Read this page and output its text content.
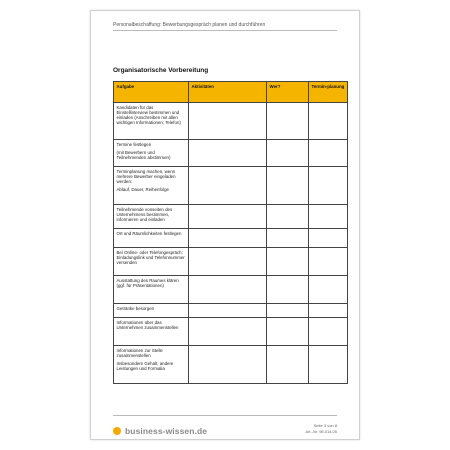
Personalbeschaffung: Bewerbungsgespräch planen und durchführen
Organisatorische Vorbereitung
Aufgabe	Aktivitäten	Wer?	Termin-planung

Kandidaten für das Einstellinterview bestimmen und einladen (Anschreiben mit allen wichtigen Informationen; Telefon)			

Termine festlegen
(mit Bewerbern und Teilnehmenden abstimmen)			

Terminplanung machen, wenn mehrere Bewerber eingeladen werden:
Ablauf, Dauer, Reihenfolge			

Teilnehmende vonseiten des Unternehmens bestimmen, informieren und einladen			

Ort und Räumlichkeiten festlegen			

Bei Online- oder Telefongespräch: Einladungslink und Telefonnummer versenden			

Ausstattung des Raumes klären (ggf. für Präsentationen)			

Getränke besorgen			

Informationen über das Unternehmen zusammenstellen			

Informationen zur Stelle zusammenstellen
Insbesondere Gehalt, andere Leistungen und Formalia			

business-wissen.de
Seite 3 von 8
Art.-Nr. 98.014.05
